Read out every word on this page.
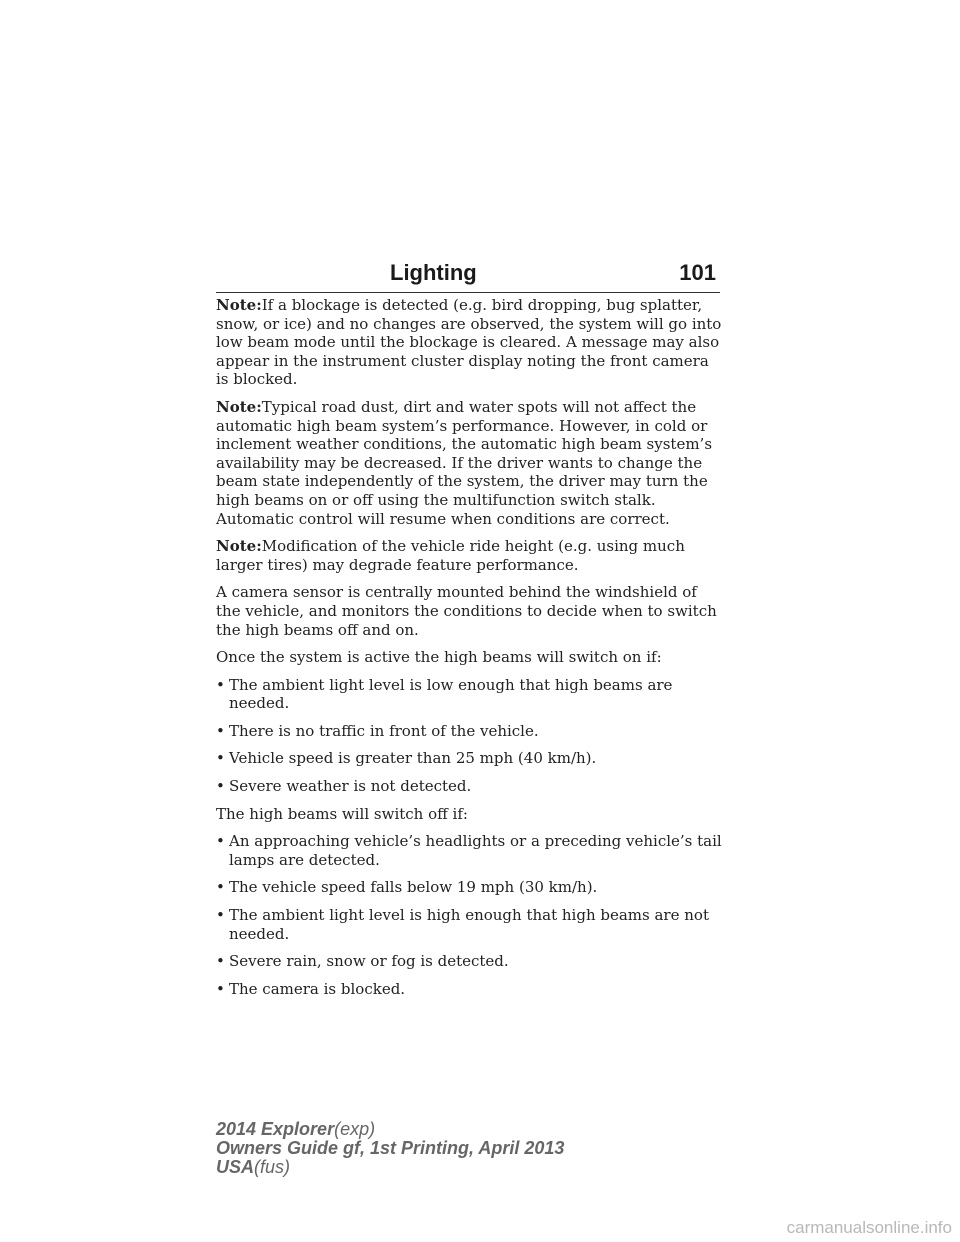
Lighting	101

Note:If a blockage is detected (e.g. bird dropping, bug splatter, snow, or ice) and no changes are observed, the system will go into low beam mode until the blockage is cleared. A message may also appear in the instrument cluster display noting the front camera is blocked.

Note:Typical road dust, dirt and water spots will not affect the automatic high beam system’s performance. However, in cold or inclement weather conditions, the automatic high beam system’s availability may be decreased. If the driver wants to change the beam state independently of the system, the driver may turn the high beams on or off using the multifunction switch stalk. Automatic control will resume when conditions are correct.

Note:Modification of the vehicle ride height (e.g. using much larger tires) may degrade feature performance.

A camera sensor is centrally mounted behind the windshield of the vehicle, and monitors the conditions to decide when to switch the high beams off and on.

Once the system is active the high beams will switch on if:

• The ambient light level is low enough that high beams are needed.
• There is no traffic in front of the vehicle.
• Vehicle speed is greater than 25 mph (40 km/h).
• Severe weather is not detected.

The high beams will switch off if:

• An approaching vehicle’s headlights or a preceding vehicle’s tail lamps are detected.
• The vehicle speed falls below 19 mph (30 km/h).
• The ambient light level is high enough that high beams are not needed.
• Severe rain, snow or fog is detected.
• The camera is blocked.
2014 Explorer(exp)
Owners Guide gf, 1st Printing, April 2013
USA(fus)
carmanualsonline.info
